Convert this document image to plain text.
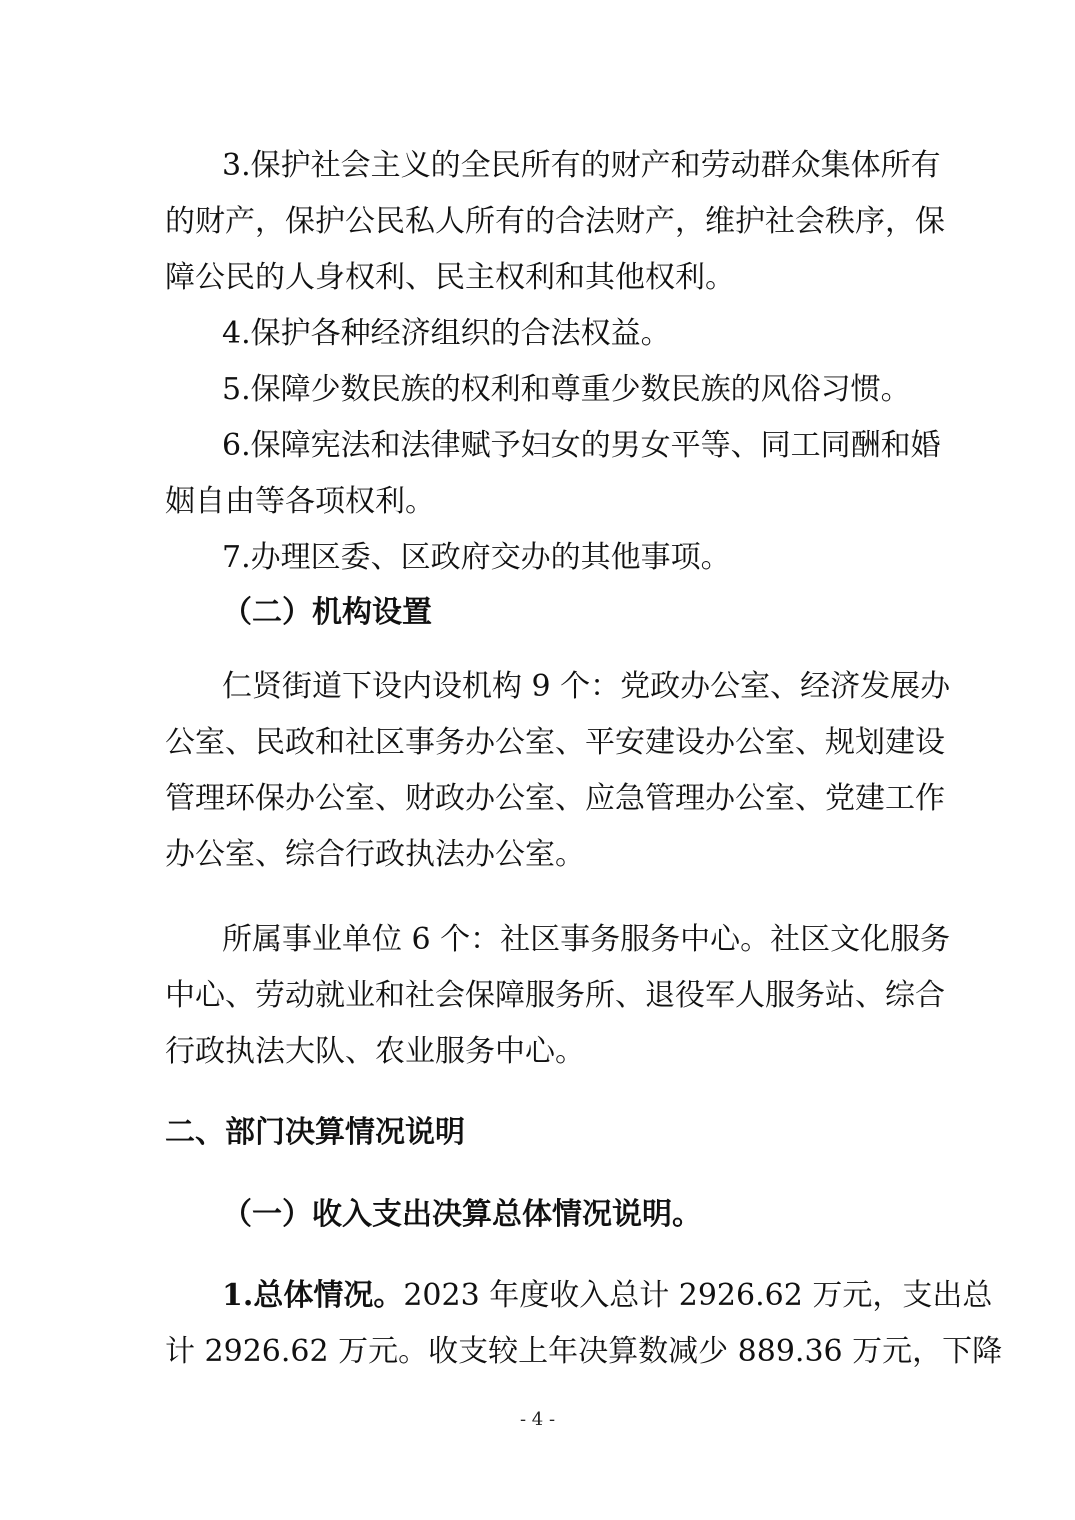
3.保护社会主义的全民所有的财产和劳动群众集体所有
的财产，保护公民私人所有的合法财产，维护社会秩序，保
障公民的人身权利、民主权利和其他权利。
4.保护各种经济组织的合法权益。
5.保障少数民族的权利和尊重少数民族的风俗习惯。
6.保障宪法和法律赋予妇女的男女平等、同工同酬和婚
姻自由等各项权利。
7.办理区委、区政府交办的其他事项。
（二）机构设置
仁贤街道下设内设机构 9 个：党政办公室、经济发展办
公室、民政和社区事务办公室、平安建设办公室、规划建设
管理环保办公室、财政办公室、应急管理办公室、党建工作
办公室、综合行政执法办公室。
所属事业单位 6 个：社区事务服务中心。社区文化服务
中心、劳动就业和社会保障服务所、退役军人服务站、综合
行政执法大队、农业服务中心。
二、部门决算情况说明
（一）收入支出决算总体情况说明。
1.总体情况。2023 年度收入总计 2926.62 万元，支出总
计 2926.62 万元。收支较上年决算数减少 889.36 万元，下降
- 4 -
